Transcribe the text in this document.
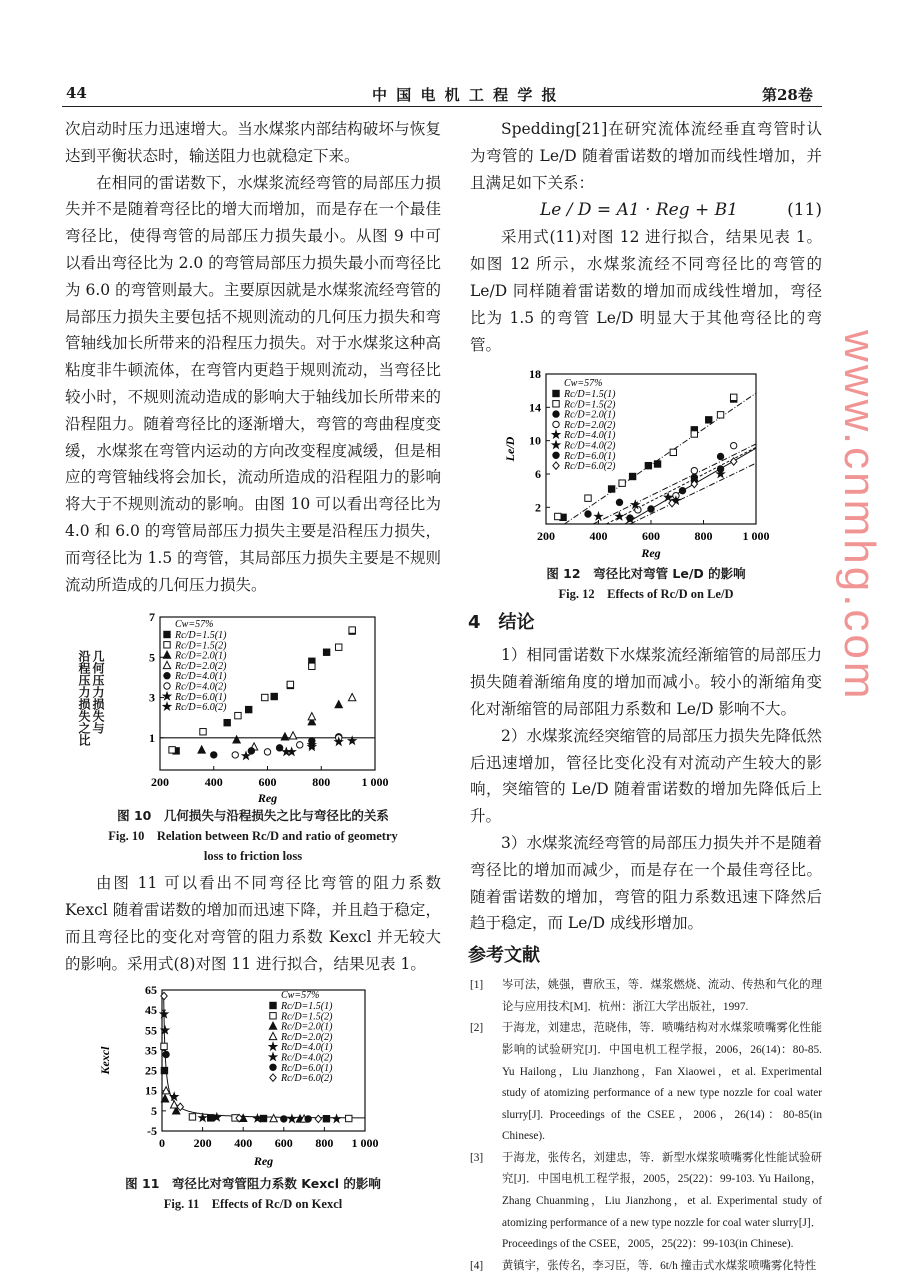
44	中 国 电 机 工 程 学 报	第28卷

次启动时压力迅速增大。当水煤浆内部结构破坏与恢复达到平衡状态时，输送阻力也就稳定下来。

在相同的雷诺数下，水煤浆流经弯管的局部压力损失并不是随着弯径比的增大而增加，而是存在一个最佳弯径比，使得弯管的局部压力损失最小。从图 9 中可以看出弯径比为 2.0 的弯管局部压力损失最小而弯径比为 6.0 的弯管则最大。主要原因就是水煤浆流经弯管的局部压力损失主要包括不规则流动的几何压力损失和弯管轴线加长所带来的沿程压力损失。对于水煤浆这种高粘度非牛顿流体，在弯管内更趋于规则流动，当弯径比较小时，不规则流动造成的影响大于轴线加长所带来的沿程阻力。随着弯径比的逐渐增大，弯管的弯曲程度变缓，水煤浆在弯管内运动的方向改变程度减缓，但是相应的弯管轴线将会加长，流动所造成的沿程阻力的影响将大于不规则流动的影响。由图 10 可以看出弯径比为 4.0 和 6.0 的弯管局部压力损失主要是沿程压力损失，而弯径比为 1.5 的弯管，其局部压力损失主要是不规则流动所造成的几何压力损失。

几何压力损失与
沿程压力损失之比
200	400	600	800	1 000
1
3
5
7
Reg
Cw=57%
Rc/D=1.5(1)
Rc/D=1.5(2)
Rc/D=2.0(1)
Rc/D=2.0(2)
Rc/D=4.0(1)
Rc/D=4.0(2)
Rc/D=6.0(1)
Rc/D=6.0(2)
图 10　几何损失与沿程损失之比与弯径比的关系
Fig. 10　Relation between Rc/D and ratio of geometry
loss to friction loss

由图 11 可以看出不同弯径比弯管的阻力系数 Kexcl 随着雷诺数的增加而迅速下降，并且趋于稳定，而且弯径比的变化对弯管的阻力系数 Kexcl 并无较大的影响。采用式(8)对图 11 进行拟合，结果见表 1。

0 200 400 600 800 1 000
65
45
55
35
25
15
5
-5
Reg
Kexcl
Cw=57%
Rc/D=1.5(1)
Rc/D=1.5(2)
Rc/D=2.0(1)
Rc/D=2.0(2)
Rc/D=4.0(1)
Rc/D=4.0(2)
Rc/D=6.0(1)
Rc/D=6.0(2)
图 11　弯径比对弯管阻力系数 Kexcl 的影响
Fig. 11　Effects of Rc/D on Kexcl

Spedding[21]在研究流体流经垂直弯管时认为弯管的 Le/D 随着雷诺数的增加而线性增加，并且满足如下关系：

Le / D = A1 · Reg + B1	(11)

采用式(11)对图 12 进行拟合，结果见表 1。如图 12 所示，水煤浆流经不同弯径比的弯管的 Le/D 同样随着雷诺数的增加而成线性增加，弯径比为 1.5 的弯管 Le/D 明显大于其他弯径比的弯管。

200	400	600	800	1 000
2
6
10
14
18
Reg
Le/D
Cw=57%
Rc/D=1.5(1)
Rc/D=1.5(2)
Rc/D=2.0(1)
Rc/D=2.0(2)
Rc/D=4.0(1)
Rc/D=4.0(2)
Rc/D=6.0(1)
Rc/D=6.0(2)
图 12　弯径比对弯管 Le/D 的影响
Fig. 12　Effects of Rc/D on Le/D
4　结论

1）相同雷诺数下水煤浆流经渐缩管的局部压力损失随着渐缩角度的增加而减小。较小的渐缩角变化对渐缩管的局部阻力系数和 Le/D 影响不大。

2）水煤浆流经突缩管的局部压力损失先降低然后迅速增加，管径比变化没有对流动产生较大的影响，突缩管的 Le/D 随着雷诺数的增加先降低后上升。

3）水煤浆流经弯管的局部压力损失并不是随着弯径比的增加而减少，而是存在一个最佳弯径比。随着雷诺数的增加，弯管的阻力系数迅速下降然后趋于稳定，而 Le/D 成线形增加。

参考文献
[1]	岑可法，姚强，曹欣玉，等．煤浆燃烧、流动、传热和气化的理论与应用技术[M]．杭州：浙江大学出版社，1997.
[2]	于海龙，刘建忠，范晓伟，等．喷嘴结构对水煤浆喷嘴雾化性能影响的试验研究[J]．中国电机工程学报，2006，26(14)：80-85. Yu Hailong，Liu Jianzhong，Fan Xiaowei，et al. Experimental study of atomizing performance of a new type nozzle for coal water slurry[J]. Proceedings of the CSEE，2006，26(14)：80-85(in Chinese).
[3]	于海龙，张传名，刘建忠，等．新型水煤浆喷嘴雾化性能试验研究[J]．中国电机工程学报，2005，25(22)：99-103. Yu Hailong，Zhang Chuanming，Liu Jianzhong，et al. Experimental study of atomizing performance of a new type nozzle for coal water slurry[J]．Proceedings of the CSEE，2005，25(22)：99-103(in Chinese).
[4]	黄镇宇，张传名，李习臣，等．6t/h 撞击式水煤浆喷嘴雾化特性
www.cnmhg.com
